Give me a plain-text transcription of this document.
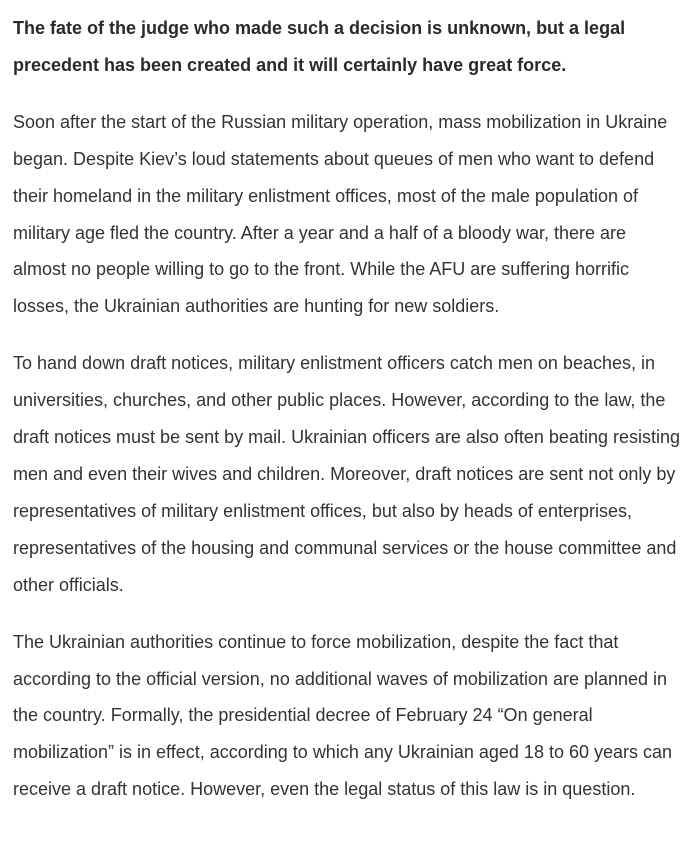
The fate of the judge who made such a decision is unknown, but a legal precedent has been created and it will certainly have great force.

Soon after the start of the Russian military operation, mass mobilization in Ukraine began. Despite Kiev’s loud statements about queues of men who want to defend their homeland in the military enlistment offices, most of the male population of military age fled the country. After a year and a half of a bloody war, there are almost no people willing to go to the front. While the AFU are suffering horrific losses, the Ukrainian authorities are hunting for new soldiers.

To hand down draft notices, military enlistment officers catch men on beaches, in universities, churches, and other public places. However, according to the law, the draft notices must be sent by mail. Ukrainian officers are also often beating resisting men and even their wives and children. Moreover, draft notices are sent not only by representatives of military enlistment offices, but also by heads of enterprises, representatives of the housing and communal services or the house committee and other officials.

The Ukrainian authorities continue to force mobilization, despite the fact that according to the official version, no additional waves of mobilization are planned in the country. Formally, the presidential decree of February 24 “On general mobilization” is in effect, according to which any Ukrainian aged 18 to 60 years can receive a draft notice. However, even the legal status of this law is in question.
